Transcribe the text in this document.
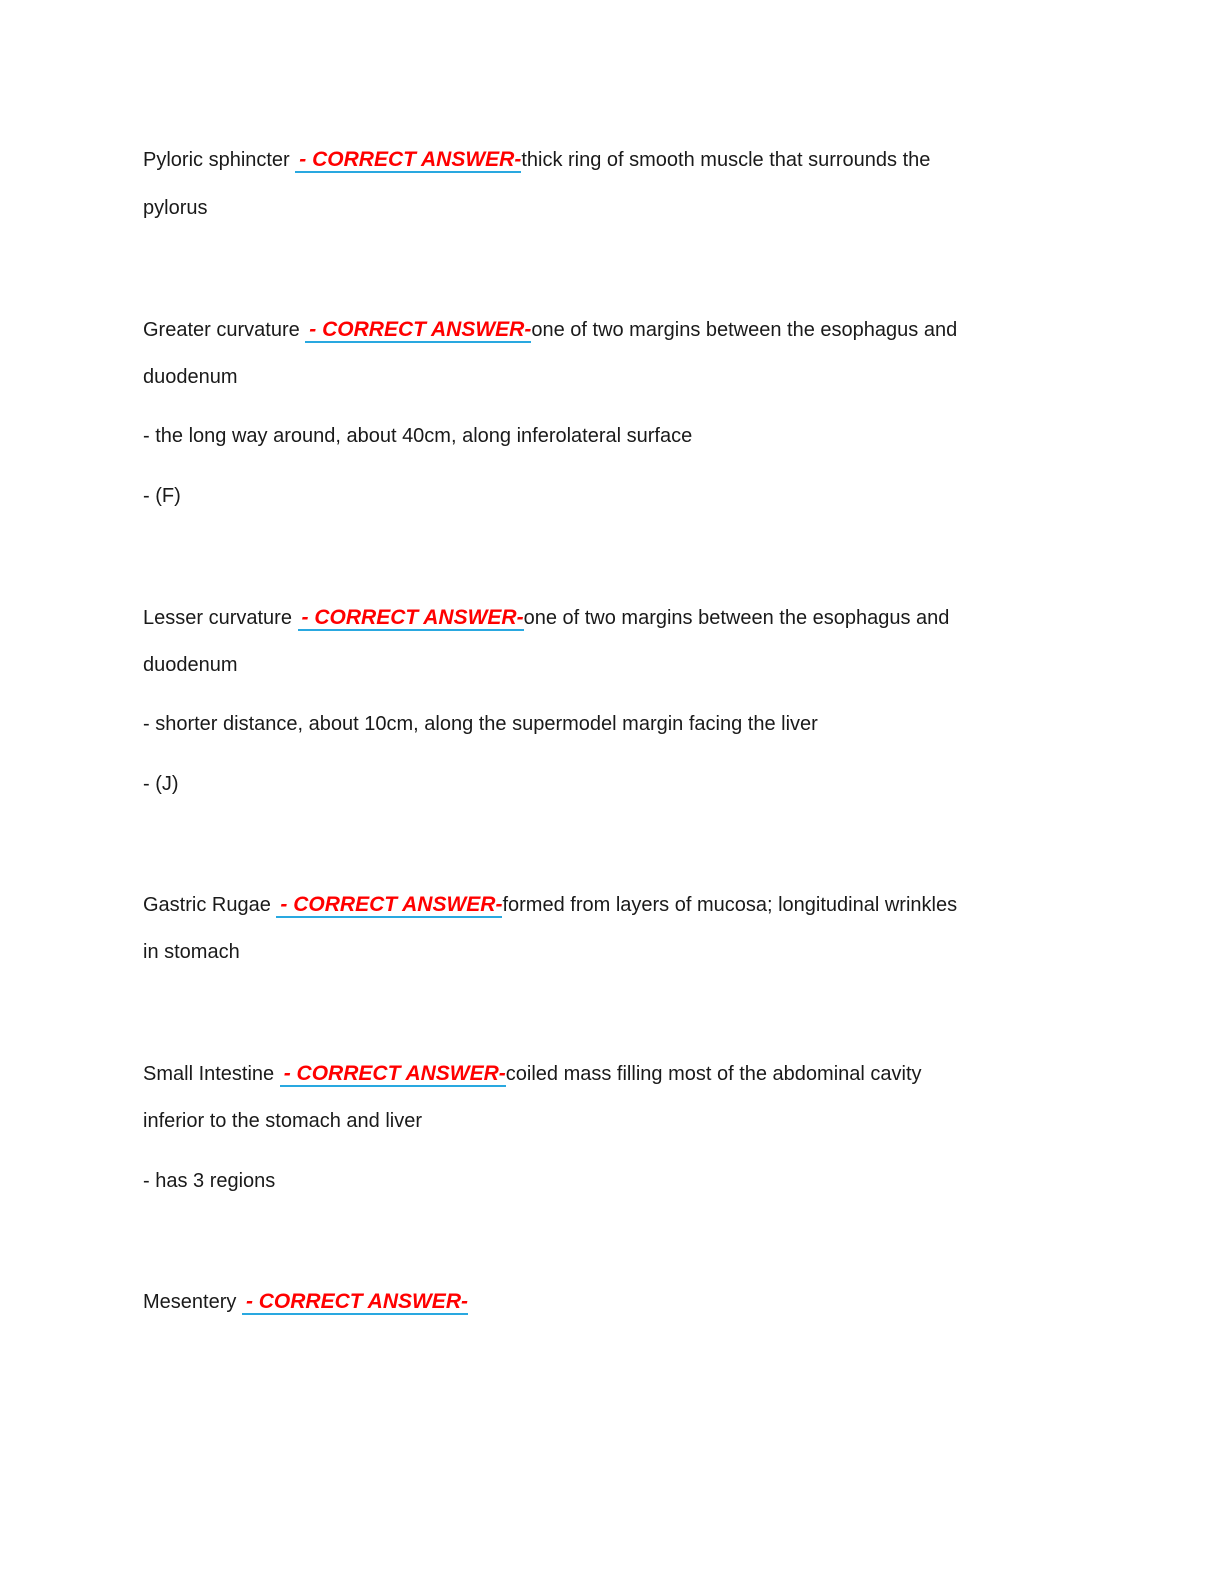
Pyloric sphincter - CORRECT ANSWER-thick ring of smooth muscle that surrounds the
pylorus
Greater curvature - CORRECT ANSWER-one of two margins between the esophagus and
duodenum
- the long way around, about 40cm, along inferolateral surface
- (F)
Lesser curvature - CORRECT ANSWER-one of two margins between the esophagus and
duodenum
- shorter distance, about 10cm, along the supermodel margin facing the liver
- (J)
Gastric Rugae - CORRECT ANSWER-formed from layers of mucosa; longitudinal wrinkles
in stomach
Small Intestine - CORRECT ANSWER-coiled mass filling most of the abdominal cavity
inferior to the stomach and liver
- has 3 regions
Mesentery - CORRECT ANSWER-
